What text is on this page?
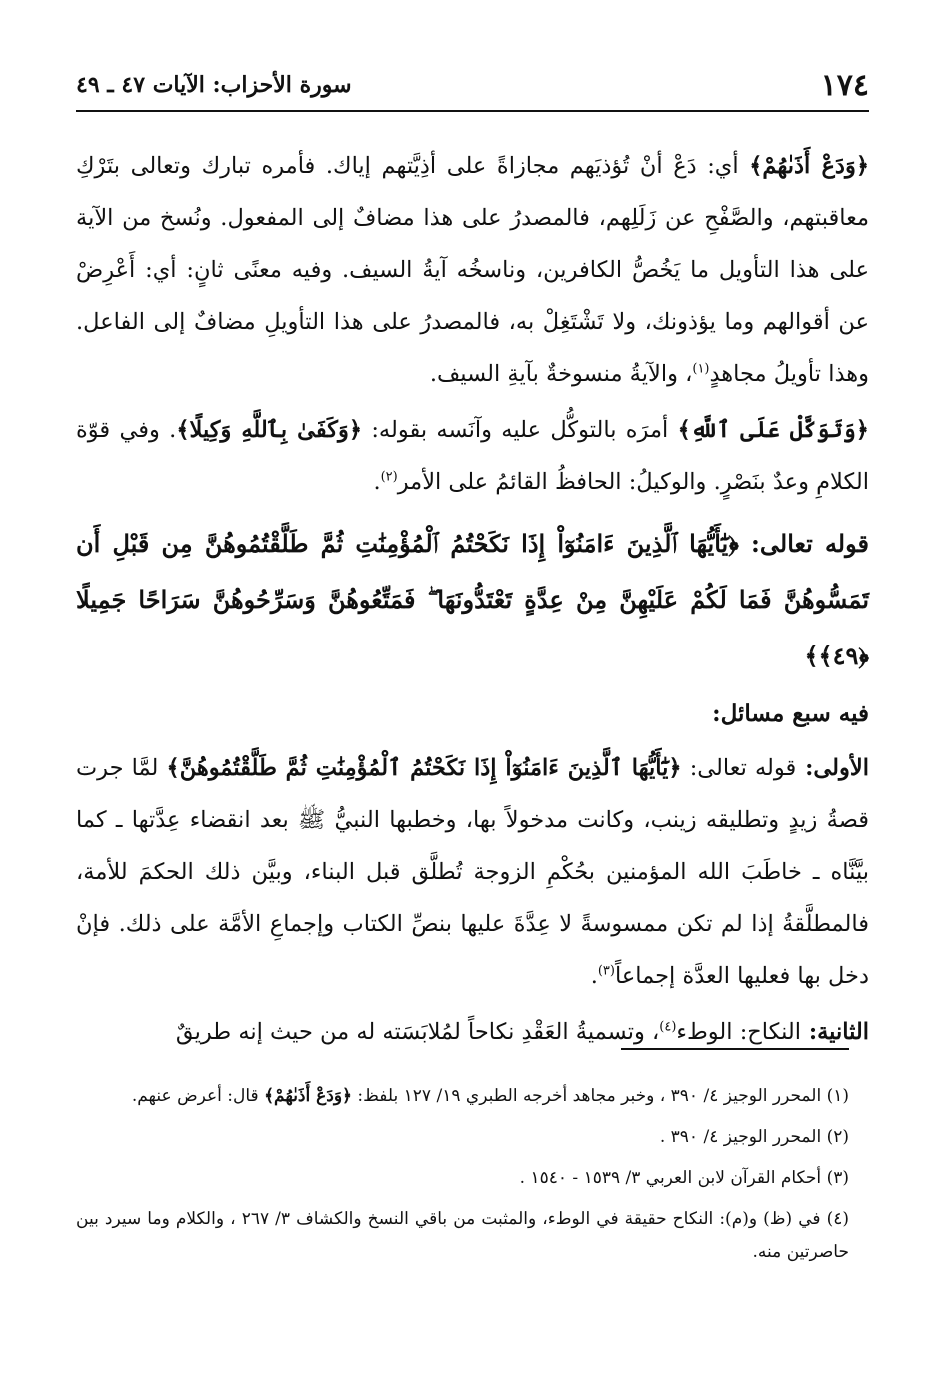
١٧٤
سورة الأحزاب: الآيات ٤٧ ـ ٤٩

﴿وَدَعْ أَذَىٰهُمْ﴾ أي: دَعْ أنْ تُؤذيَهم مجازاةً على أذِيَّتهم إياك. فأمره تبارك وتعالى بتَرْكِ معاقبتهم، والصَّفْحِ عن زَلَلِهم، فالمصدرُ على هذا مضافٌ إلى المفعول. ونُسخ من الآية على هذا التأويل ما يَخُصُّ الكافرين، وناسخُه آيةُ السيف. وفيه معنًى ثانٍ: أي: أَعْرِضْ عن أقوالهم وما يؤذونك، ولا تَشْتَغِلْ به، فالمصدرُ على هذا التأويلِ مضافٌ إلى الفاعل. وهذا تأويلُ مجاهدٍ$^{(١)}$، والآيةُ منسوخةٌ بآيةِ السيف.

﴿وَتَوَكَّلْ عَلَى ٱللَّهِ﴾ أمرَه بالتوكُّل عليه وآنَسه بقوله: ﴿وَكَفَىٰ بِٱللَّهِ وَكِيلًا﴾. وفي قوّة الكلامِ وعدٌ بنَصْرٍ. والوكيلُ: الحافظُ القائمُ على الأمر$^{(٢)}$.

قوله تعالى: ﴿يَٰٓأَيُّهَا ٱلَّذِينَ ءَامَنُوٓاْ إِذَا نَكَحْتُمُ ٱلْمُؤْمِنَٰتِ ثُمَّ طَلَّقْتُمُوهُنَّ مِن قَبْلِ أَن تَمَسُّوهُنَّ فَمَا لَكُمْ عَلَيْهِنَّ مِنْ عِدَّةٍ تَعْتَدُّونَهَا ۖ فَمَتِّعُوهُنَّ وَسَرِّحُوهُنَّ سَرَاحًا جَمِيلًا ﴿٤٩﴾﴾

فيه سبع مسائل:

الأولى: قوله تعالى: ﴿يَٰٓأَيُّهَا ٱلَّذِينَ ءَامَنُوٓاْ إِذَا نَكَحْتُمُ ٱلْمُؤْمِنَٰتِ ثُمَّ طَلَّقْتُمُوهُنَّ﴾ لمَّا جرت قصةُ زيدٍ وتطليقه زينب، وكانت مدخولاً بها، وخطبها النبيُّ ﷺ بعد انقضاء عِدَّتها ـ كما بيَّنَّاه ـ خاطَبَ الله المؤمنين بحُكْمِ الزوجة تُطلَّق قبل البناء، وبيَّن ذلك الحكمَ للأمة، فالمطلَّقةُ إذا لم تكن ممسوسةً لا عِدَّةَ عليها بنصِّ الكتاب وإجماعِ الأمَّة على ذلك. فإنْ دخل بها فعليها العدَّة إجماعاً$^{(٣)}$.

الثانية: النكاح: الوطء$^{(٤)}$، وتسميةُ العَقْدِ نكاحاً لمُلابَسَته له من حيث إنه طريقٌ

(١) المحرر الوجيز ٤/ ٣٩٠ ، وخبر مجاهد أخرجه الطبري ١٩/ ١٢٧ بلفظ: ﴿وَدَعْ أَذَىٰهُمْ﴾ قال: أعرض عنهم.

(٢) المحرر الوجيز ٤/ ٣٩٠ .

(٣) أحكام القرآن لابن العربي ٣/ ١٥٣٩ - ١٥٤٠ .

(٤) في (ظ) و(م): النكاح حقيقة في الوطء، والمثبت من باقي النسخ والكشاف ٣/ ٢٦٧ ، والكلام وما سيرد بين حاصرتين منه.
